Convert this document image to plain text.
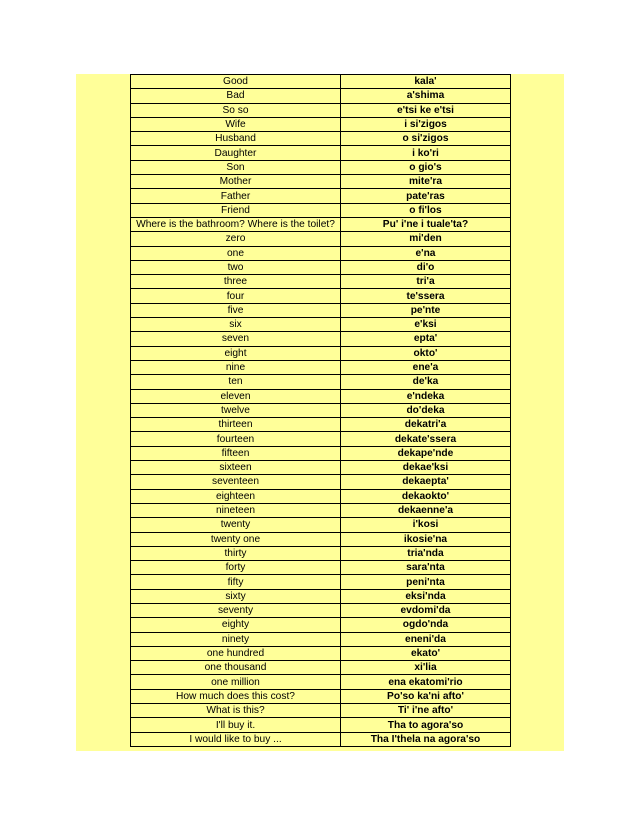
Good	kala'
Bad	a'shima
So so	e'tsi ke e'tsi
Wife	i si'zigos
Husband	o si'zigos
Daughter	i ko'ri
Son	o gio's
Mother	mite'ra
Father	pate'ras
Friend	o fi'los
Where is the bathroom? Where is the toilet?	Pu' i'ne i tuale'ta?
zero	mi'den
one	e'na
two	di'o
three	tri'a
four	te'ssera
five	pe'nte
six	e'ksi
seven	epta'
eight	okto'
nine	ene'a
ten	de'ka
eleven	e'ndeka
twelve	do'deka
thirteen	dekatri'a
fourteen	dekate'ssera
fifteen	dekape'nde
sixteen	dekae'ksi
seventeen	dekaepta'
eighteen	dekaokto'
nineteen	dekaenne'a
twenty	i'kosi
twenty one	ikosie'na
thirty	tria'nda
forty	sara'nta
fifty	peni'nta
sixty	eksi'nda
seventy	evdomi'da
eighty	ogdo'nda
ninety	eneni'da
one hundred	ekato'
one thousand	xi'lia
one million	ena ekatomi'rio
How much does this cost?	Po'so ka'ni afto'
What is this?	Ti' i'ne afto'
I'll buy it.	Tha to agora'so
I would like to buy ...	Tha I'thela na agora'so
